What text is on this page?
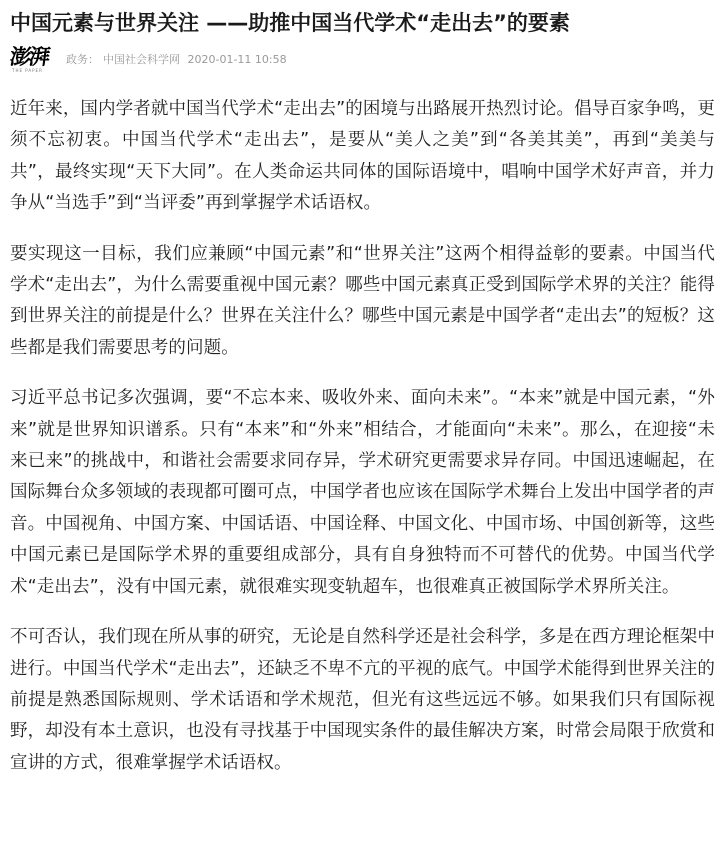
中国元素与世界关注 ——助推中国当代学术“走出去”的要素
澎湃
THE PAPER
政务： 中国社会科学网 2020-01-11 10:58

近年来，国内学者就中国当代学术“走出去”的困境与出路展开热烈讨论。倡导百家争鸣，更须不忘初衷。中国当代学术“走出去”，是要从“美人之美”到“各美其美”，再到“美美与共”，最终实现“天下大同”。在人类命运共同体的国际语境中，唱响中国学术好声音，并力争从“当选手”到“当评委”再到掌握学术话语权。

要实现这一目标，我们应兼顾“中国元素”和“世界关注”这两个相得益彰的要素。中国当代学术“走出去”，为什么需要重视中国元素？哪些中国元素真正受到国际学术界的关注？能得到世界关注的前提是什么？世界在关注什么？哪些中国元素是中国学者“走出去”的短板？这些都是我们需要思考的问题。

习近平总书记多次强调，要“不忘本来、吸收外来、面向未来”。“本来”就是中国元素，“外来”就是世界知识谱系。只有“本来”和“外来”相结合，才能面向“未来”。那么，在迎接“未来已来”的挑战中，和谐社会需要求同存异，学术研究更需要求异存同。中国迅速崛起，在国际舞台众多领域的表现都可圈可点，中国学者也应该在国际学术舞台上发出中国学者的声音。中国视角、中国方案、中国话语、中国诠释、中国文化、中国市场、中国创新等，这些中国元素已是国际学术界的重要组成部分，具有自身独特而不可替代的优势。中国当代学术“走出去”，没有中国元素，就很难实现变轨超车，也很难真正被国际学术界所关注。

不可否认，我们现在所从事的研究，无论是自然科学还是社会科学，多是在西方理论框架中进行。中国当代学术“走出去”，还缺乏不卑不亢的平视的底气。中国学术能得到世界关注的前提是熟悉国际规则、学术话语和学术规范，但光有这些远远不够。如果我们只有国际视野，却没有本土意识，也没有寻找基于中国现实条件的最佳解决方案，时常会局限于欣赏和宣讲的方式，很难掌握学术话语权。
